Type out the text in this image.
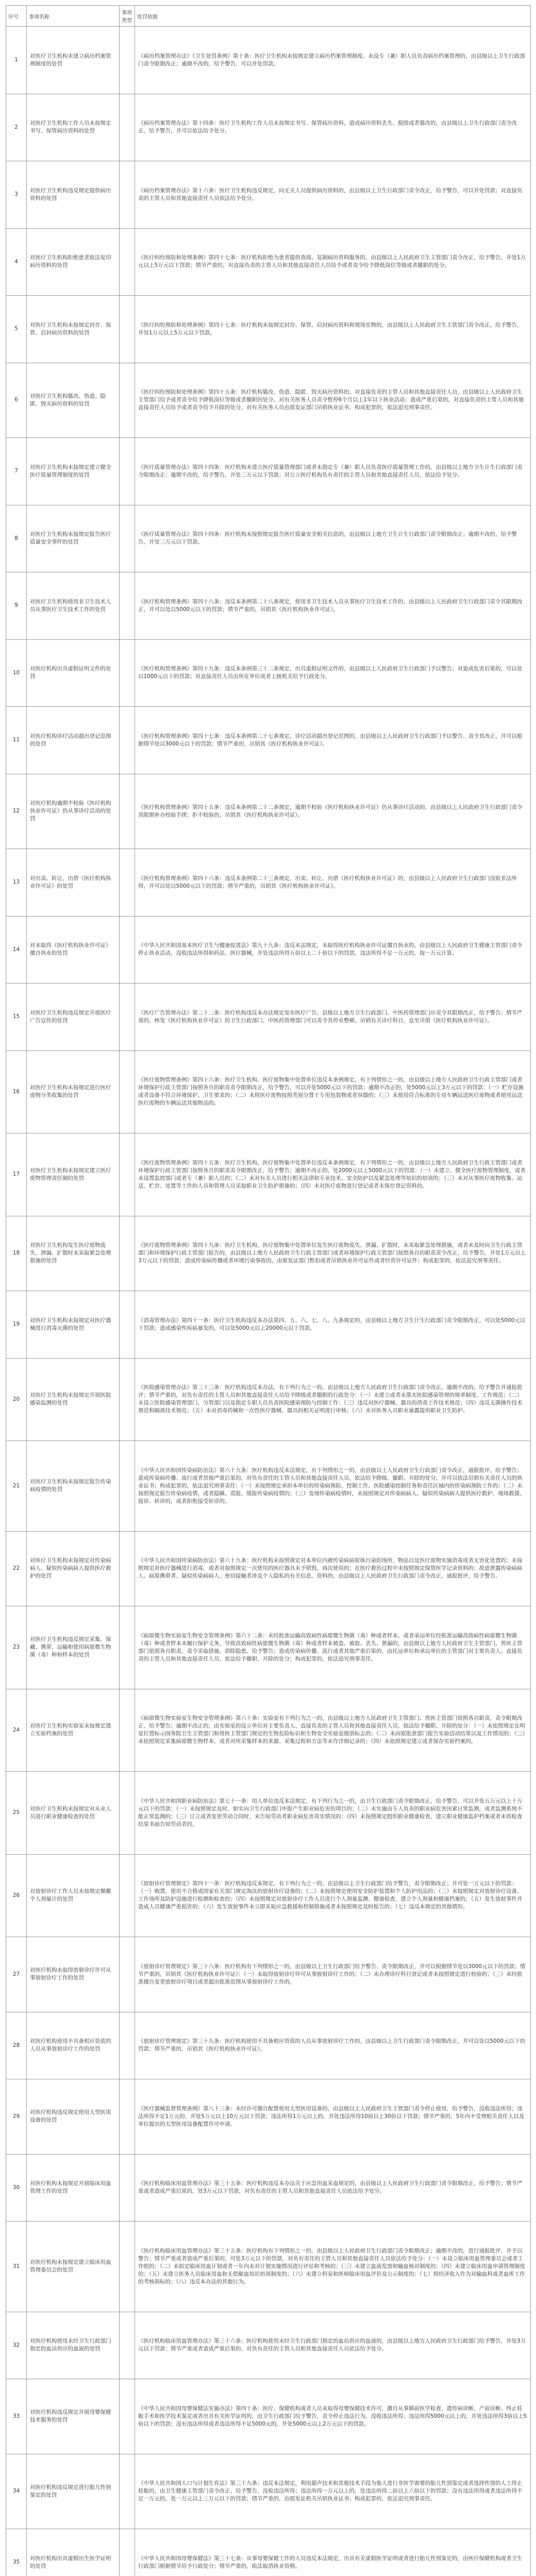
序号	事项名称	事项类型	处罚依据
1	对医疗卫生机构未建立病历档案管理制度的处罚		《病历档案管理办法》《卫生处罚条例》第十条：医疗卫生机构未按规定建立病历档案管理制度、未设专（兼）职人员负责病历档案管理的，由县级以上卫生行政部门责令限期改正；逾期不改的，给予警告，可以并处罚款。
2	对医疗卫生机构工作人员未按规定书写、保管病历资料的处罚		《病历档案管理办法》第十四条：医疗卫生机构工作人员未按规定书写、保管病历资料，造成病历资料丢失、损毁或者篡改的，由县级以上卫生行政部门责令改正，给予警告，并可以依法给予处分。
3	对医疗卫生机构违反规定提供病历资料的处罚		《病历档案管理办法》第十六条：医疗卫生机构违反规定，向无关人员提供病历资料的，由县级以上卫生行政部门责令改正，给予警告，可以并处罚款；对直接负责的主管人员和其他直接责任人员依法给予处分。
4	对医疗卫生机构拒绝患者依法复印病历资料的处罚		《医疗纠纷预防和处理条例》第四十七条：医疗机构拒绝为患者提供查阅、复制病历资料服务的，由县级以上人民政府卫生主管部门责令改正，给予警告，并处1万元以上5万元以下罚款；情节严重的，对直接负责的主管人员和其他直接责任人员给予或者责令给予降低岗位等级或者撤职的处分。
5	对医疗卫生机构未按规定封存、保管、启封病历资料的处罚		《医疗纠纷预防和处理条例》第四十七条：医疗机构未按规定封存、保管、启封病历资料和现场实物的，由县级以上人民政府卫生主管部门责令改正，给予警告，并处1万元以上5万元以下罚款。
6	对医疗卫生机构篡改、伪造、隐匿、毁灭病历资料的处罚		《医疗纠纷预防和处理条例》第四十五条：医疗机构篡改、伪造、隐匿、毁灭病历资料的，对直接负责的主管人员和其他直接责任人员，由县级以上人民政府卫生主管部门给予或者责令给予降低岗位等级或者撤职的处分，对有关医务人员责令暂停6个月以上1年以下执业活动；造成严重后果的，对直接负责的主管人员和其他直接责任人员给予或者责令给予开除的处分，对有关医务人员由原发证部门吊销执业证书；构成犯罪的，依法追究刑事责任。
7	对医疗卫生机构未按规定建立健全医疗质量管理制度的处罚		《医疗质量管理办法》第四十四条：医疗机构未建立医疗质量管理部门或者未指定专（兼）职人员负责医疗质量管理工作的，由县级以上地方卫生计生行政部门责令限期改正；逾期不改的，给予警告，并处三万元以下罚款；对公立医疗机构负有责任的主管人员和其他直接责任人员，依法给予处分。
8	对医疗卫生机构未按规定报告医疗质量安全事件的处罚		《医疗质量管理办法》第四十四条：医疗机构未按照规定报告医疗质量安全相关信息的，由县级以上地方卫生计生行政部门责令限期改正；逾期不改的，给予警告，并处三万元以下罚款。
9	对医疗卫生机构使用非卫生技术人员从事医疗卫生技术工作的处罚		《医疗机构管理条例》第四十八条：违反本条例第二十八条规定，使用非卫生技术人员从事医疗卫生技术工作的，由县级以上人民政府卫生行政部门责令其限期改正，并可以处以5000元以下的罚款；情节严重的，吊销其《医疗机构执业许可证》。
10	对医疗机构出具虚假证明文件的处罚		《医疗机构管理条例》第四十九条：违反本条例第三十二条规定，出具虚假证明文件的，由县级以上人民政府卫生行政部门予以警告；对造成危害后果的，可以处以1000元以下的罚款；对直接责任人员由所在单位或者上级机关给予行政处分。
11	对医疗机构诊疗活动超出登记范围的处罚		《医疗机构管理条例》第四十七条：违反本条例第二十七条规定，诊疗活动超出登记范围的，由县级以上人民政府卫生行政部门予以警告、责令其改正，并可以根据情节处以3000元以下的罚款；情节严重的，吊销其《医疗机构执业许可证》。
12	对医疗机构逾期不校验《医疗机构执业许可证》仍从事诊疗活动的处罚		《医疗机构管理条例》第四十五条：违反本条例第二十二条规定，逾期不校验《医疗机构执业许可证》仍从事诊疗活动的，由县级以上人民政府卫生行政部门责令其限期补办校验手续；拒不校验的，吊销其《医疗机构执业许可证》。
13	对出卖、转让、出借《医疗机构执业许可证》的处罚		《医疗机构管理条例》第四十六条：违反本条例第二十三条规定，出卖、转让、出借《医疗机构执业许可证》的，由县级以上人民政府卫生行政部门没收非法所得，并可以处以5000元以下的罚款；情节严重的，吊销其《医疗机构执业许可证》。
14	对未取得《医疗机构执业许可证》擅自执业的处罚		《中华人民共和国基本医疗卫生与健康促进法》第九十九条：违反本法规定，未取得医疗机构执业许可证擅自执业的，由县级以上人民政府卫生健康主管部门责令停止执业活动，没收违法所得和药品、医疗器械，并处违法所得五倍以上二十倍以下的罚款，违法所得不足一万元的，按一万元计算。
15	对医疗卫生机构违反规定开展医疗广告宣传的处罚		《医疗广告管理办法》第二十二条：医疗机构违反本办法规定发布医疗广告，县级以上地方卫生行政部门、中医药管理部门应责令其限期改正，给予警告；情节严重的，核发《医疗机构执业许可证》的卫生行政部门、中医药管理部门可以责令其停业整顿、吊销有关诊疗科目，直至吊销《医疗机构执业许可证》。
16	对医疗卫生机构未按规定进行医疗废物分类收集的处罚		《医疗废物管理条例》第四十六条：医疗卫生机构、医疗废物集中处置单位违反本条例规定，有下列情形之一的，由县级以上地方人民政府卫生行政主管部门或者环境保护行政主管部门按照各自的职责责令限期改正，给予警告，可以并处5000元以下的罚款；逾期不改正的，处5000元以上3万元以下的罚款：（一）贮存设施或者设备不符合环境保护、卫生要求的；（二）未将医疗废物按照类别分置于专用包装物或者容器的；（三）未使用符合标准的专用车辆运送医疗废物或者使用运送医疗废物的车辆运送其他物品的。
17	对医疗卫生机构未按规定建立医疗废物管理责任制的处罚		《医疗废物管理条例》第四十五条：医疗卫生机构、医疗废物集中处置单位违反本条例规定，有下列情形之一的，由县级以上地方人民政府卫生行政主管部门或者环境保护行政主管部门按照各自的职责责令限期改正，给予警告；逾期不改正的，处2000元以上5000元以下的罚款：（一）未建立、健全医疗废物管理制度，或者未设置监控部门或者专（兼）职人员的；（二）未对有关人员进行相关法律和专业技术、安全防护以及紧急处理等知识的培训的；（三）未对从事医疗废物收集、运送、贮存、处置等工作的人员和管理人员采取职业卫生防护措施的；（四）未对医疗废物进行登记或者未保存登记资料的。
18	对医疗卫生机构发生医疗废物流失、泄漏、扩散时未采取紧急处理措施的处罚		《医疗废物管理条例》第四十九条：医疗卫生机构、医疗废物集中处置单位发生医疗废物流失、泄漏、扩散时，未采取紧急处理措施，或者未及时向卫生行政主管部门和环境保护行政主管部门报告的，由县级以上地方人民政府卫生行政主管部门或者环境保护行政主管部门按照各自的职责责令改正，给予警告，并处1万元以上3万元以下的罚款；造成传染病传播或者环境污染事故的，由原发证部门暂扣或者吊销执业许可证件或者经营许可证件；构成犯罪的，依法追究刑事责任。
19	对医疗卫生机构未按规定对医疗器械进行消毒灭菌的处罚		《消毒管理办法》第四十一条：医疗卫生机构违反本办法第四、五、六、七、八、九条规定的，由县级以上地方卫生计生行政部门责令限期改正，可以处5000元以下罚款；造成感染性疾病暴发的，可以处5000元以上20000元以下罚款。
20	对医疗卫生机构未按规定开展医院感染监测的处罚		《医院感染管理办法》第三十三条：医疗机构违反本办法，有下列行为之一的，由县级以上地方人民政府卫生行政部门责令改正，逾期不改的，给予警告并通报批评；情节严重的，对负有责任的主管人员和其他直接责任人员给予降级或者撤职的行政处分：（一）未建立或者未落实医院感染管理的规章制度、工作规范；（二）未设立医院感染管理部门、分管部门以及指定专职人员负责医院感染预防与控制工作；（三）违反对医疗器械、器具的消毒工作技术规范；（四）违反无菌操作技术规范和隔离技术规范；（五）未对消毒药械和一次性医疗器械、器具的相关证明进行审核；（六）未对医务人员职业暴露提供职业卫生防护。
21	对医疗卫生机构未按规定报告传染病疫情的处罚		《中华人民共和国传染病防治法》第六十九条：医疗机构违反本法规定，有下列情形之一的，由县级以上人民政府卫生行政部门责令改正，通报批评，给予警告；造成传染病传播、流行或者其他严重后果的，对负有责任的主管人员和其他直接责任人员，依法给予降级、撤职、开除的处分，并可以依法吊销有关责任人员的执业证书；构成犯罪的，依法追究刑事责任：（一）未按照规定承担本单位的传染病预防、控制工作、医院感染控制任务和责任区域内的传染病预防工作的；（二）未按照规定报告传染病疫情，或者隐瞒、谎报、缓报传染病疫情的；（三）发现传染病疫情时，未按照规定对传染病病人、疑似传染病病人提供医疗救护、现场救援、接诊、转诊的，或者拒绝接受转诊的。
22	对医疗卫生机构未按规定对传染病病人、疑似传染病病人提供医疗救护的处罚		《中华人民共和国传染病防治法》第六十九条：医疗机构未按照规定对本单位内被传染病病原体污染的场所、物品以及医疗废物实施消毒或者无害化处置的；未按照规定对医疗器械进行消毒，或者对按照规定一次使用的医疗器具未予销毁，再次使用的；在医疗救治过程中未按照规定保管医学记录资料的；故意泄露传染病病人、病原携带者、疑似传染病病人、密切接触者涉及个人隐私的有关信息、资料的，由县级以上人民政府卫生行政部门责令改正，通报批评，给予警告。
23	对医疗卫生机构违反规定采集、保藏、携带、运输和使用病原微生物菌（毒）种和样本的处罚		《病原微生物实验室生物安全管理条例》第六十二条：未经批准运输高致病性病原微生物菌（毒）种或者样本，或者承运单位经批准运输高致病性病原微生物菌（毒）种或者样本未履行保护义务，导致高致病性病原微生物菌（毒）种或者样本被盗、被抢、丢失、泄漏的，由县级以上地方人民政府卫生主管部门、兽医主管部门依照各自职责，责令采取措施，消除隐患，给予警告；造成传染病传播、流行或者其他严重后果的，由托运单位和承运单位的主管部门对主要负责人、直接负责的主管人员和其他直接责任人员，依法给予撤职、开除的处分；构成犯罪的，依法追究刑事责任。
24	对医疗卫生机构实验室未按规定建立实验档案的处罚		《病原微生物实验室生物安全管理条例》第六十条：实验室有下列行为之一的，由县级以上地方人民政府卫生主管部门、兽医主管部门依照各自职责，责令限期改正，给予警告；逾期不改正的，由实验室的设立单位对主要负责人、直接负责的主管人员和其他直接责任人员，依法给予撤职、开除的处分：（一）未依照规定在明显位置标示国务院卫生主管部门和兽医主管部门规定的生物危险标识和生物安全实验室级别标志的；（二）未向原批准部门报告实验活动结果以及工作情况的；（三）未依照规定采集病原微生物样本，或者对所采集样本的来源、采集过程和方法等未作详细记录的；（四）未依照规定建立或者保存实验档案的。
25	对医疗卫生机构未按规定对从业人员进行职业健康检查的处罚		《中华人民共和国职业病防治法》第七十一条：用人单位违反本法规定，有下列行为之一的，由卫生行政部门责令限期改正，给予警告，可以并处五万元以上十万元以下的罚款：（一）未按照规定及时、如实向卫生行政部门申报产生职业病危害的项目的；（二）未实施由专人负责的职业病危害因素日常监测，或者监测系统不能正常监测的；（三）订立或者变更劳动合同时，未告知劳动者职业病危害真实情况的；（四）未按照规定组织职业健康检查、建立职业健康监护档案或者未将检查结果书面告知劳动者的。
26	对放射诊疗工作人员未按规定佩戴个人剂量计的处罚		《放射诊疗管理规定》第四十一条：医疗机构违反本规定，有下列行为之一的，由县级以上卫生行政部门给予警告，责令限期改正；并可处一万元以下的罚款：（一）购置、使用不合格或国家有关部门规定淘汰的放射诊疗设备的；（二）未按照规定使用安全防护装置和个人防护用品的；（三）未按照规定对放射诊疗设备、工作场所及防护设施进行检测和检查的；（四）未按照规定对放射诊疗工作人员进行个人剂量监测、健康检查、建立个人剂量和健康档案的；（五）发生放射事件并造成人员健康严重损害的；（六）发生放射事件未立即采取应急救援和控制措施或者未按照规定及时报告的；（七）违反本规定的其他情形。
27	对医疗机构未取得放射诊疗许可从事放射诊疗工作的处罚		《放射诊疗管理规定》第三十八条：医疗机构有下列情形之一的，由县级以上卫生行政部门给予警告、责令限期改正，并可以根据情节处以3000元以下的罚款；情节严重的，吊销其《医疗机构执业许可证》：（一）未取得放射诊疗许可从事放射诊疗工作的；（二）未办理诊疗科目登记或者未按照规定进行校验的；（三）未经批准擅自变更放射诊疗项目或者超出批准范围从事放射诊疗工作的。
28	对医疗机构使用不具备相应资质的人员从事放射诊疗工作的处罚		《放射诊疗管理规定》第三十九条：医疗机构使用不具备相应资质的人员从事放射诊疗工作的，由县级以上卫生行政部门责令限期改正，并可以处以5000元以下的罚款；情节严重的，吊销其《医疗机构执业许可证》。
29	对医疗机构违反规定使用大型医用设备的处罚		《医疗器械监督管理条例》第八十三条：未经许可擅自配置使用大型医用设备的，由县级以上人民政府卫生主管部门责令停止使用，给予警告，没收违法所得；违法所得不足1万元的，并处5万元以上10万元以下罚款；违法所得1万元以上的，并处违法所得10倍以上30倍以下罚款；情节严重的，5年内不受理相关责任人以及单位提出的大型医用设备配置许可申请。
30	对医疗机构未按规定开展临床用血管理工作的处罚		《医疗机构临床用血管理办法》第三十五条：医疗机构违反本办法关于应急用血采血规定的，由县级以上人民政府卫生行政部门责令限期改正，给予警告；情节严重或者造成严重后果的，处3万元以下罚款，对负有责任的主管人员和其他直接责任人员依法给予处分。
31	对医疗机构未按规定建立临床用血管理委员会的处罚		《医疗机构临床用血管理办法》第三十五条：医疗机构有下列情形之一的，由县级以上人民政府卫生行政部门责令限期改正；逾期不改的，进行通报批评，并予以警告；情节严重或者造成严重后果的，可处3万元以下的罚款，对负有责任的主管人员和其他直接责任人员依法给予处分：（一）未设立临床用血管理委员会或者工作组的；（二）未拟定临床用血计划或者一年内未对计划实施情况进行评估和考核的；（三）未建立血液发放和输血核对制度的；（四）未建立临床用血申请管理制度的；（五）未建立医务人员临床用血和无偿献血知识培训制度的；（六）未建立科室和医师临床用血评价及公示制度的；（七）将经济收入作为对输血科或者血库工作的考核指标的；（八）违反本办法的其他行为。
32	对医疗机构使用未经卫生行政部门指定的血站供应的血液的处罚		《医疗机构临床用血管理办法》第三十六条：医疗机构使用未经卫生行政部门指定的血站供应的血液的，由县级以上地方人民政府卫生行政部门给予警告，并处3万元以下罚款；情节严重或者造成严重后果的，对负有责任的主管人员和其他直接责任人员依法给予处分。
33	对医疗机构违反规定开展母婴保健技术服务的处罚		《中华人民共和国母婴保健法实施办法》第四十条：医疗、保健机构或者人员未取得母婴保健技术许可，擅自从事婚前医学检查、遗传病诊断、产前诊断、终止妊娠手术和医学技术鉴定或者出具有关医学证明的，由卫生行政部门给予警告，责令停止违法行为，没收违法所得；违法所得5000元以上的，并处违法所得3倍以上5倍以下的罚款；没有违法所得或者违法所得不足5000元的，并处5000元以上2万元以下的罚款。
34	对医疗机构违反规定进行胎儿性别鉴定的处罚		《中华人民共和国人口与计划生育法》第三十九条：违反本法规定，利用超声技术和其他技术手段为他人进行非医学需要的胎儿性别鉴定或者选择性别的人工终止妊娠的，由卫生健康主管部门责令改正，给予警告，没收违法所得；违法所得一万元以上的，处违法所得二倍以上六倍以下的罚款；没有违法所得或者违法所得不足一万元的，处一万元以上三万元以下的罚款；情节严重的，由原发证机关吊销执业证书；构成犯罪的，依法追究刑事责任。
35	对医疗机构出具虚假出生医学证明的处罚		《中华人民共和国母婴保健法》第三十七条：从事母婴保健工作的人员违反本法规定，出具有关虚假医学证明或者进行胎儿性别鉴定的，由医疗保健机构或者卫生行政部门根据情节给予行政处分；情节严重的，依法取消执业资格。
